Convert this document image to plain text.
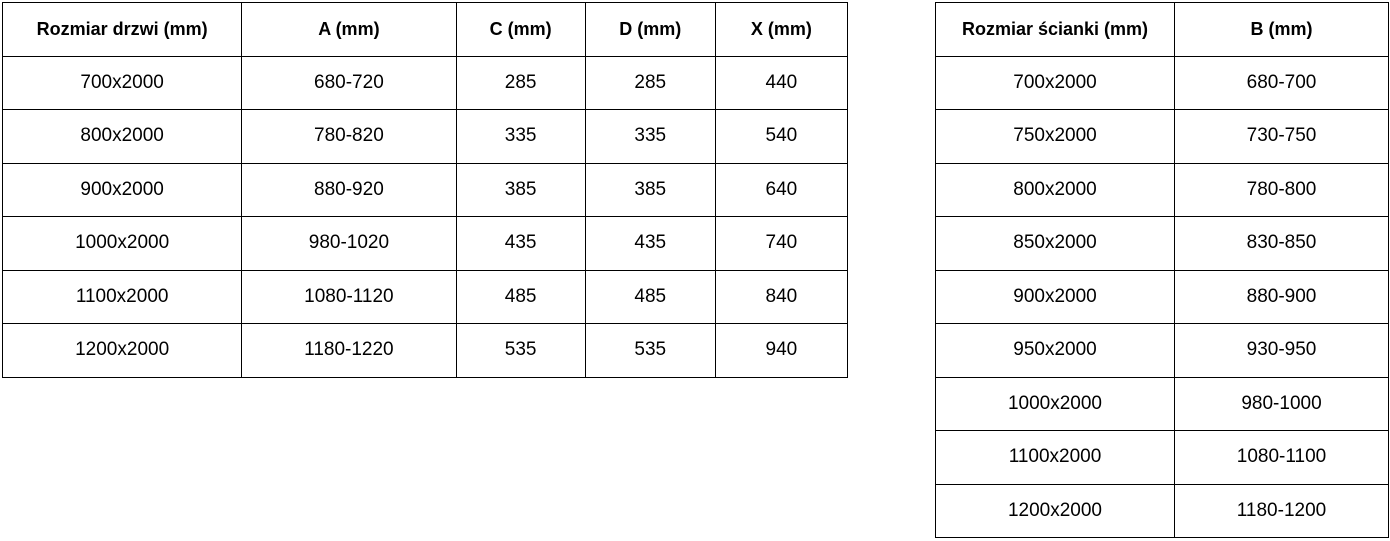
Rozmiar drzwi (mm)	A (mm)	C (mm)	D (mm)	X (mm)
700x2000	680-720	285	285	440
800x2000	780-820	335	335	540
900x2000	880-920	385	385	640
1000x2000	980-1020	435	435	740
1100x2000	1080-1120	485	485	840
1200x2000	1180-1220	535	535	940
Rozmiar ścianki (mm)	B (mm)
700x2000	680-700
750x2000	730-750
800x2000	780-800
850x2000	830-850
900x2000	880-900
950x2000	930-950
1000x2000	980-1000
1100x2000	1080-1100
1200x2000	1180-1200
